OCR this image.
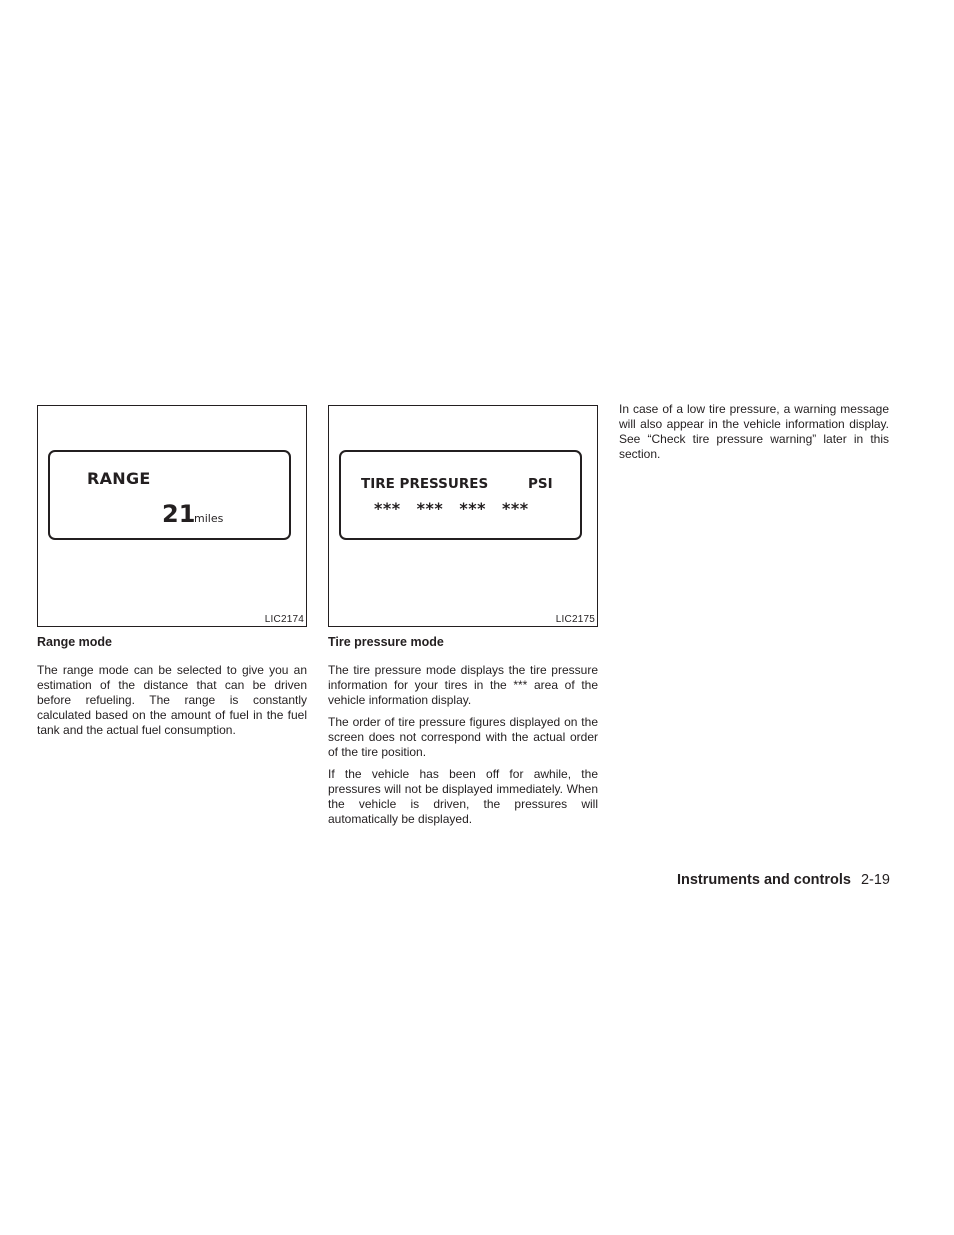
RANGE
21
miles
LIC2174
Range mode

The range mode can be selected to give you an estimation of the distance that can be driven before refueling. The range is constantly calculated based on the amount of fuel in the fuel tank and the actual fuel consumption.

TIRE PRESSURES	PSI
*** *** *** ***
LIC2175
Tire pressure mode

The tire pressure mode displays the tire pressure information for your tires in the *** area of the vehicle information display.

The order of tire pressure figures displayed on the screen does not correspond with the actual order of the tire position.

If the vehicle has been off for awhile, the pressures will not be displayed immediately. When the vehicle is driven, the pressures will automatically be displayed.

In case of a low tire pressure, a warning message will also appear in the vehicle information display. See “Check tire pressure warning” later in this section.

Instruments and controls 2-19
